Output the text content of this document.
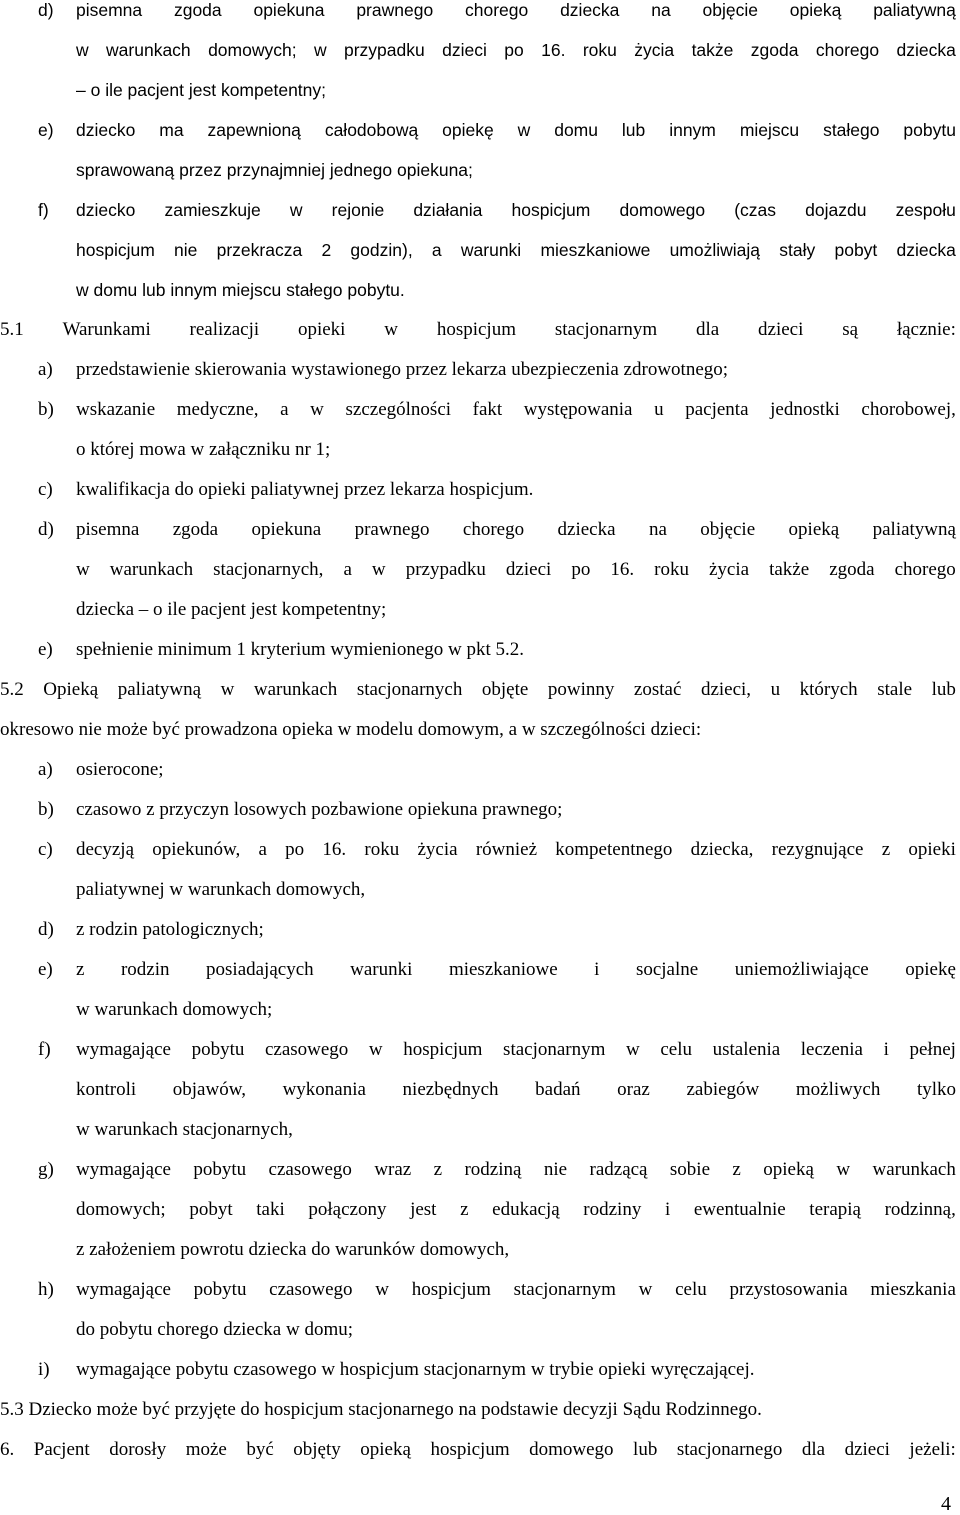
4
d) pisemna zgoda opiekuna prawnego chorego dziecka na objęcie opieką paliatywną
w warunkach domowych; w przypadku dzieci po 16. roku życia także zgoda chorego dziecka
– o ile pacjent jest kompetentny;
e) dziecko ma zapewnioną całodobową opiekę w domu lub innym miejscu stałego pobytu
sprawowaną przez przynajmniej jednego opiekuna;
f) dziecko zamieszkuje w rejonie działania hospicjum domowego (czas dojazdu zespołu
hospicjum nie przekracza 2 godzin), a warunki mieszkaniowe umożliwiają stały pobyt dziecka
w domu lub innym miejscu stałego pobytu.
5.1 Warunkami realizacji opieki w hospicjum stacjonarnym dla dzieci są łącznie:
a) przedstawienie skierowania wystawionego przez lekarza ubezpieczenia zdrowotnego;
b) wskazanie medyczne, a w szczególności fakt występowania u pacjenta jednostki chorobowej,
o której mowa w załączniku nr 1;
c) kwalifikacja do opieki paliatywnej przez lekarza hospicjum.
d) pisemna zgoda opiekuna prawnego chorego dziecka na objęcie opieką paliatywną
w warunkach stacjonarnych, a w przypadku dzieci po 16. roku życia także zgoda chorego
dziecka – o ile pacjent jest kompetentny;
e) spełnienie minimum 1 kryterium wymienionego w pkt 5.2.
5.2 Opieką paliatywną w warunkach stacjonarnych objęte powinny zostać dzieci, u których stale lub
okresowo nie może być prowadzona opieka w modelu domowym, a w szczególności dzieci:
a) osierocone;
b) czasowo z przyczyn losowych pozbawione opiekuna prawnego;
c) decyzją opiekunów, a po 16. roku życia również kompetentnego dziecka, rezygnujące z opieki
paliatywnej w warunkach domowych,
d) z rodzin patologicznych;
e) z rodzin posiadających warunki mieszkaniowe i socjalne uniemożliwiające opiekę
w warunkach domowych;
f) wymagające pobytu czasowego w hospicjum stacjonarnym w celu ustalenia leczenia i pełnej
kontroli objawów, wykonania niezbędnych badań oraz zabiegów możliwych tylko
w warunkach stacjonarnych,
g) wymagające pobytu czasowego wraz z rodziną nie radzącą sobie z opieką w warunkach
domowych; pobyt taki połączony jest z edukacją rodziny i ewentualnie terapią rodzinną,
z założeniem powrotu dziecka do warunków domowych,
h) wymagające pobytu czasowego w hospicjum stacjonarnym w celu przystosowania mieszkania
do pobytu chorego dziecka w domu;
i) wymagające pobytu czasowego w hospicjum stacjonarnym w trybie opieki wyręczającej.
5.3 Dziecko może być przyjęte do hospicjum stacjonarnego na podstawie decyzji Sądu Rodzinnego.
6. Pacjent dorosły może być objęty opieką hospicjum domowego lub stacjonarnego dla dzieci jeżeli:
